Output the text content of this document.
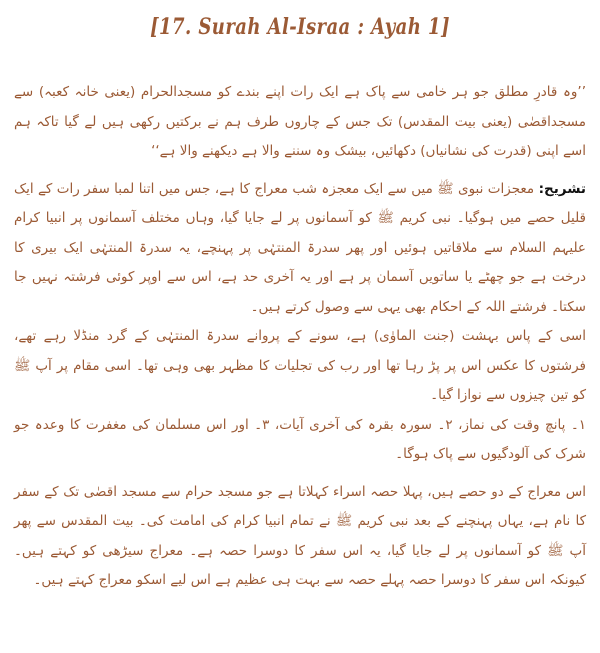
[17. Surah Al-Israa : Ayah 1]

’’وہ قادرِ مطلق جو ہر خامی سے پاک ہے ایک رات اپنے بندے کو مسجدالحرام (یعنی خانہ کعبہ) سے مسجداقصٰی (یعنی بیت المقدس) تک جس کے چاروں طرف ہم نے برکتیں رکھی ہیں لے گیا تاکہ ہم اسے اپنی (قدرت کی نشانیاں) دکھائیں، بیشک وہ سننے والا ہے دیکھنے والا ہے‘‘

تشریح: معجزات نبوی ﷺ میں سے ایک معجزہ شب معراج کا ہے، جس میں اتنا لمبا سفر رات کے ایک قلیل حصے میں ہوگیا۔ نبی کریم ﷺ کو آسمانوں پر لے جایا گیا، وہاں مختلف آسمانوں پر انبیا کرام علیہم السلام سے ملاقاتیں ہوئیں اور پھر سدرۃ المنتہٰی پر پہنچے، یہ سدرۃ المنتہٰی ایک بیری کا درخت ہے جو چھٹے یا ساتویں آسمان پر ہے اور یہ آخری حد ہے، اس سے اوپر کوئی فرشتہ نہیں جا سکتا۔ فرشتے اللہ کے احکام بھی یہی سے وصول کرتے ہیں۔

اسی کے پاس بہشت (جنت الماوٰی) ہے، سونے کے پروانے سدرۃ المنتہٰی کے گرد منڈلا رہے تھے، فرشتوں کا عکس اس پر پڑ رہا تھا اور رب کی تجلیات کا مظہر بھی وہی تھا۔ اسی مقام پر آپ ﷺ کو تین چیزوں سے نوازا گیا۔

۱۔ پانچ وقت کی نماز، ۲۔ سورہ بقرہ کی آخری آیات، ۳۔ اور اس مسلمان کی مغفرت کا وعدہ جو شرک کی آلودگیوں سے پاک ہوگا۔

اس معراج کے دو حصے ہیں، پہلا حصہ اسراء کہلاتا ہے جو مسجد حرام سے مسجد اقصٰی تک کے سفر کا نام ہے، یہاں پہنچنے کے بعد نبی کریم ﷺ نے تمام انبیا کرام کی امامت کی۔ بیت المقدس سے پھر آپ ﷺ کو آسمانوں پر لے جایا گیا، یہ اس سفر کا دوسرا حصہ ہے۔ معراج سیڑھی کو کہتے ہیں۔ کیونکہ اس سفر کا دوسرا حصہ پہلے حصہ سے بہت ہی عظیم ہے اس لیے اسکو معراج کہتے ہیں۔
